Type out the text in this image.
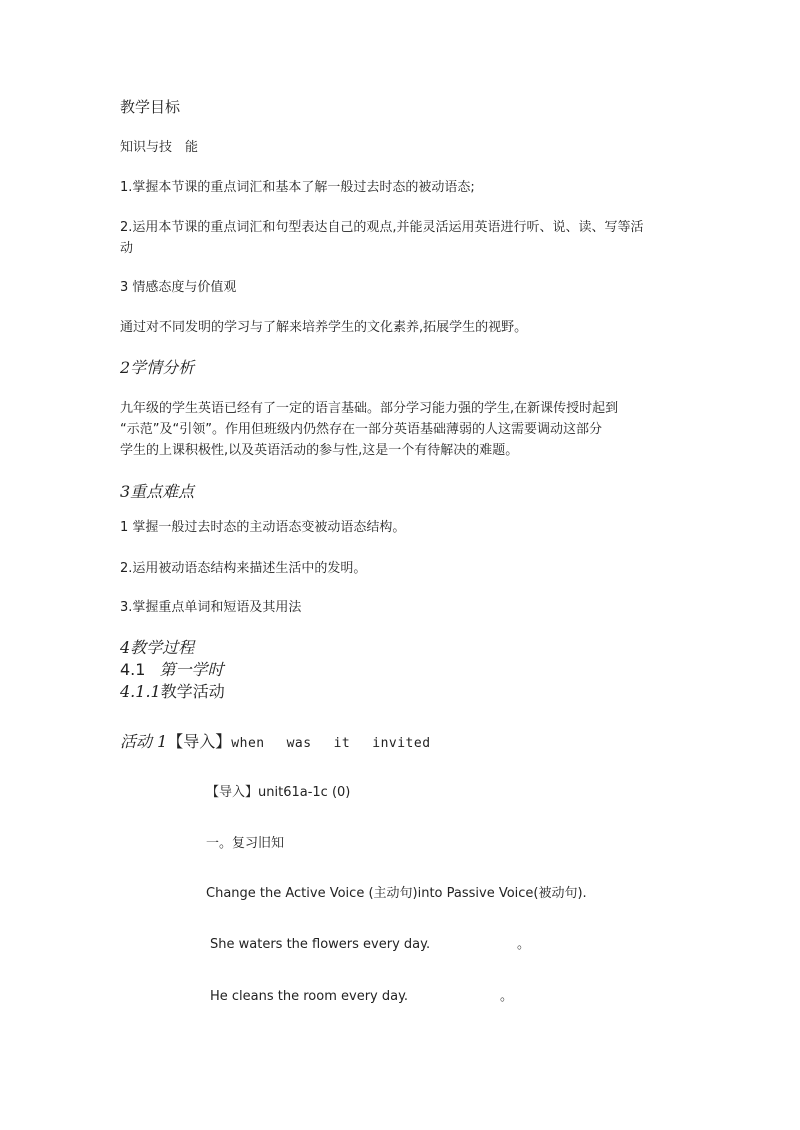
教学目标
知识与技　能
1.掌握本节课的重点词汇和基本了解一般过去时态的被动语态;
2.运用本节课的重点词汇和句型表达自己的观点,并能灵活运用英语进行听、说、读、写等活
动
3 情感态度与价值观
通过对不同发明的学习与了解来培养学生的文化素养,拓展学生的视野。
2学情分析
九年级的学生英语已经有了一定的语言基础。部分学习能力强的学生,在新课传授时起到
“示范”及“引领”。作用但班级内仍然存在一部分英语基础薄弱的人这需要调动这部分
学生的上课积极性,以及英语活动的参与性,这是一个有待解决的难题。
3重点难点
1 掌握一般过去时态的主动语态变被动语态结构。
2.运用被动语态结构来描述生活中的发明。
3.掌握重点单词和短语及其用法
4教学过程
4.1 第一学时
4.1.1教学活动
活动 1【导入】when was it invited
【导入】unit61a-1c (0)
一。复习旧知
Change the Active Voice (主动句)into Passive Voice(被动句).
She waters the flowers every day.	。
He cleans the room every day.	。
